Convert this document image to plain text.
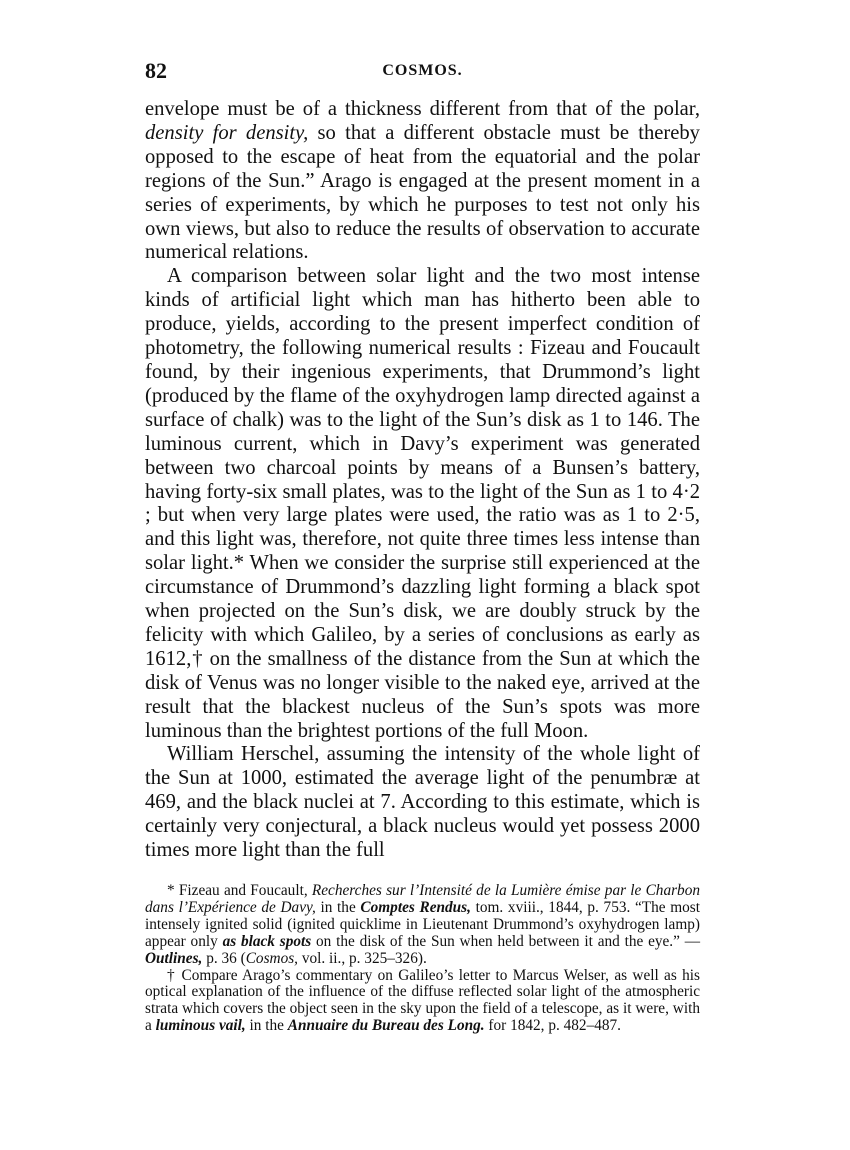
82	COSMOS.

envelope must be of a thickness different from that of the polar, density for density, so that a different obstacle must be thereby opposed to the escape of heat from the equatorial and the polar regions of the Sun.” Arago is engaged at the present moment in a series of experiments, by which he purposes to test not only his own views, but also to reduce the results of observation to accurate numerical relations.

A comparison between solar light and the two most intense kinds of artificial light which man has hitherto been able to produce, yields, according to the present imperfect condition of photometry, the following numerical results : Fizeau and Foucault found, by their ingenious experiments, that Drummond’s light (produced by the flame of the oxyhydrogen lamp directed against a surface of chalk) was to the light of the Sun’s disk as 1 to 146. The luminous current, which in Davy’s experiment was generated between two charcoal points by means of a Bunsen’s battery, having forty-six small plates, was to the light of the Sun as 1 to 4·2 ; but when very large plates were used, the ratio was as 1 to 2·5, and this light was, therefore, not quite three times less intense than solar light.* When we consider the surprise still experienced at the circumstance of Drummond’s dazzling light forming a black spot when projected on the Sun’s disk, we are doubly struck by the felicity with which Galileo, by a series of conclusions as early as 1612,† on the smallness of the distance from the Sun at which the disk of Venus was no longer visible to the naked eye, arrived at the result that the blackest nucleus of the Sun’s spots was more luminous than the brightest portions of the full Moon.

William Herschel, assuming the intensity of the whole light of the Sun at 1000, estimated the average light of the penumbræ at 469, and the black nuclei at 7. According to this estimate, which is certainly very conjectural, a black nucleus would yet possess 2000 times more light than the full

* Fizeau and Foucault, Recherches sur l’Intensité de la Lumière émise par le Charbon dans l’Expérience de Davy, in the Comptes Rendus, tom. xviii., 1844, p. 753. “The most intensely ignited solid (ignited quicklime in Lieutenant Drummond’s oxyhydrogen lamp) appear only as black spots on the disk of the Sun when held between it and the eye.” —Outlines, p. 36 (Cosmos, vol. ii., p. 325–326).

† Compare Arago’s commentary on Galileo’s letter to Marcus Welser, as well as his optical explanation of the influence of the diffuse reflected solar light of the atmospheric strata which covers the object seen in the sky upon the field of a telescope, as it were, with a luminous vail, in the Annuaire du Bureau des Long. for 1842, p. 482–487.
